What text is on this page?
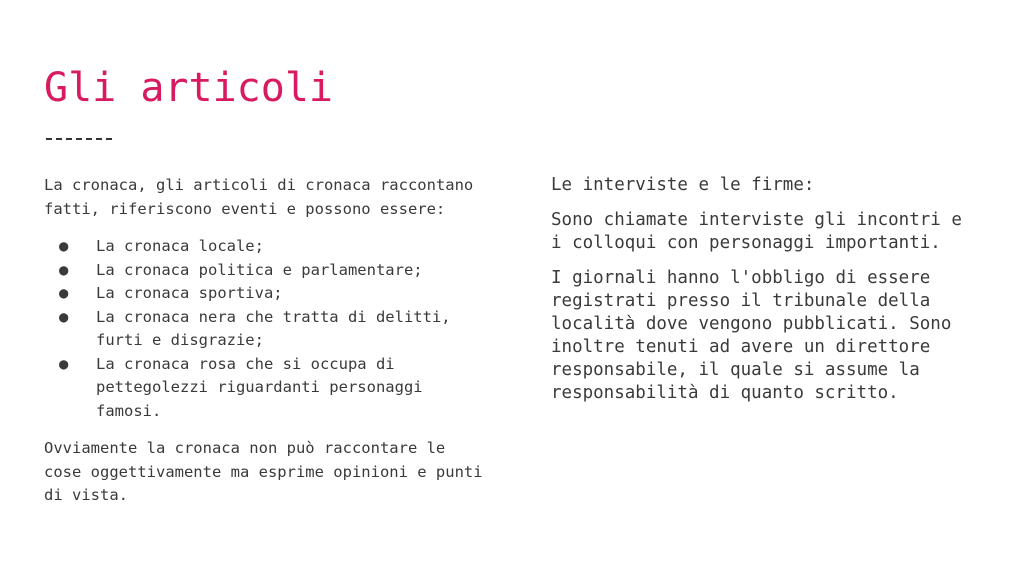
Gli articoli

La cronaca, gli articoli di cronaca raccontano fatti, riferiscono eventi e possono essere:

● La cronaca locale;
● La cronaca politica e parlamentare;
● La cronaca sportiva;
● La cronaca nera che tratta di delitti, furti e disgrazie;
● La cronaca rosa che si occupa di pettegolezzi riguardanti personaggi famosi.

Ovviamente la cronaca non può raccontare le cose oggettivamente ma esprime opinioni e punti di vista.

Le interviste e le firme:

Sono chiamate interviste gli incontri e i colloqui con personaggi importanti.

I giornali hanno l'obbligo di essere registrati presso il tribunale della località dove vengono pubblicati. Sono inoltre tenuti ad avere un direttore responsabile, il quale si assume la responsabilità di quanto scritto.
